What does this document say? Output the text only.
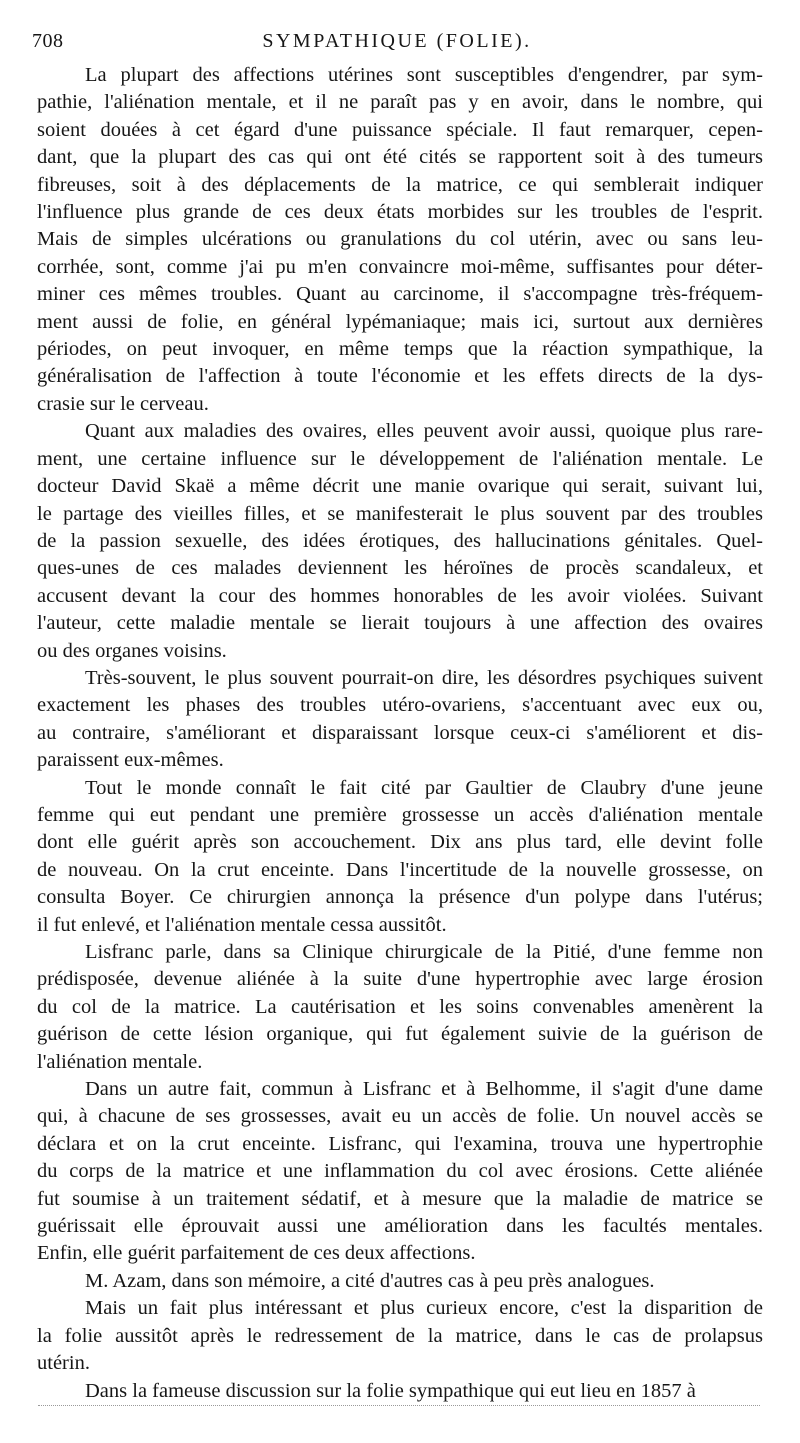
708	SYMPATHIQUE (FOLIE).

La plupart des affections utérines sont susceptibles d'engendrer, par sym-
pathie, l'aliénation mentale, et il ne paraît pas y en avoir, dans le nombre, qui
soient douées à cet égard d'une puissance spéciale. Il faut remarquer, cepen-
dant, que la plupart des cas qui ont été cités se rapportent soit à des tumeurs
fibreuses, soit à des déplacements de la matrice, ce qui semblerait indiquer
l'influence plus grande de ces deux états morbides sur les troubles de l'esprit.
Mais de simples ulcérations ou granulations du col utérin, avec ou sans leu-
corrhée, sont, comme j'ai pu m'en convaincre moi-même, suffisantes pour déter-
miner ces mêmes troubles. Quant au carcinome, il s'accompagne très-fréquem-
ment aussi de folie, en général lypémaniaque; mais ici, surtout aux dernières
périodes, on peut invoquer, en même temps que la réaction sympathique, la
généralisation de l'affection à toute l'économie et les effets directs de la dys-
crasie sur le cerveau.

Quant aux maladies des ovaires, elles peuvent avoir aussi, quoique plus rare-
ment, une certaine influence sur le développement de l'aliénation mentale. Le
docteur David Skaë a même décrit une manie ovarique qui serait, suivant lui,
le partage des vieilles filles, et se manifesterait le plus souvent par des troubles
de la passion sexuelle, des idées érotiques, des hallucinations génitales. Quel-
ques-unes de ces malades deviennent les héroïnes de procès scandaleux, et
accusent devant la cour des hommes honorables de les avoir violées. Suivant
l'auteur, cette maladie mentale se lierait toujours à une affection des ovaires
ou des organes voisins.

Très-souvent, le plus souvent pourrait-on dire, les désordres psychiques suivent
exactement les phases des troubles utéro-ovariens, s'accentuant avec eux ou,
au contraire, s'améliorant et disparaissant lorsque ceux-ci s'améliorent et dis-
paraissent eux-mêmes.

Tout le monde connaît le fait cité par Gaultier de Claubry d'une jeune
femme qui eut pendant une première grossesse un accès d'aliénation mentale
dont elle guérit après son accouchement. Dix ans plus tard, elle devint folle
de nouveau. On la crut enceinte. Dans l'incertitude de la nouvelle grossesse, on
consulta Boyer. Ce chirurgien annonça la présence d'un polype dans l'utérus;
il fut enlevé, et l'aliénation mentale cessa aussitôt.

Lisfranc parle, dans sa Clinique chirurgicale de la Pitié, d'une femme non
prédisposée, devenue aliénée à la suite d'une hypertrophie avec large érosion
du col de la matrice. La cautérisation et les soins convenables amenèrent la
guérison de cette lésion organique, qui fut également suivie de la guérison de
l'aliénation mentale.

Dans un autre fait, commun à Lisfranc et à Belhomme, il s'agit d'une dame
qui, à chacune de ses grossesses, avait eu un accès de folie. Un nouvel accès se
déclara et on la crut enceinte. Lisfranc, qui l'examina, trouva une hypertrophie
du corps de la matrice et une inflammation du col avec érosions. Cette aliénée
fut soumise à un traitement sédatif, et à mesure que la maladie de matrice se
guérissait elle éprouvait aussi une amélioration dans les facultés mentales.
Enfin, elle guérit parfaitement de ces deux affections.

M. Azam, dans son mémoire, a cité d'autres cas à peu près analogues.

Mais un fait plus intéressant et plus curieux encore, c'est la disparition de
la folie aussitôt après le redressement de la matrice, dans le cas de prolapsus
utérin.

Dans la fameuse discussion sur la folie sympathique qui eut lieu en 1857 à
